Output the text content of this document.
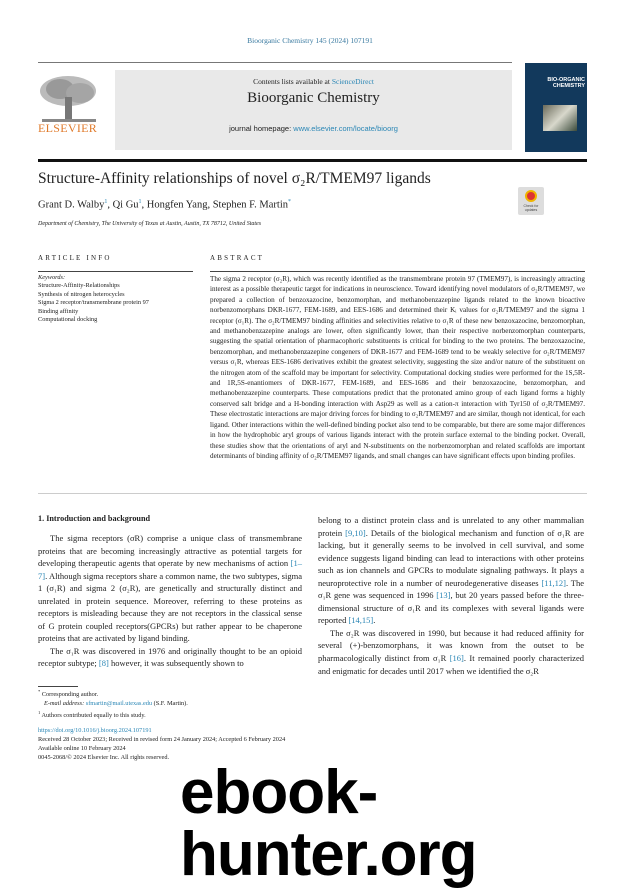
Bioorganic Chemistry 145 (2024) 107191
ELSEVIER
Contents lists available at ScienceDirect
Bioorganic Chemistry
journal homepage: www.elsevier.com/locate/bioorg
BIO-ORGANIC CHEMISTRY
Check for updates
Structure-Affinity relationships of novel σ₂R/TMEM97 ligands
Grant D. Walby$^1$, Qi Gu$^1$, Hongfen Yang, Stephen F. Martin*
Department of Chemistry, The University of Texas at Austin, Austin, TX 78712, United States
ARTICLE INFO
Keywords:
Structure-Affinity-Relationships
Synthesis of nitrogen heterocycles
Sigma 2 receptor/transmembrane protein 97
Binding affinity
Computational docking
ABSTRACT
The sigma 2 receptor (σ₂R), which was recently identified as the transmembrane protein 97 (TMEM97), is increasingly attracting interest as a possible therapeutic target for indications in neuroscience. Toward identifying novel modulators of σ₂R/TMEM97, we prepared a collection of benzoxazocine, benzomorphan, and methanobenzazepine ligands related to the known bioactive norbenzomorphans DKR-1677, FEM-1689, and EES-1686 and determined their Kᵢ values for σ₂R/TMEM97 and the sigma 1 receptor (σ₁R). The σ₂R/TMEM97 binding affinities and selectivities relative to σ₁R of these new benzoxazocine, benzomorphan, and methanobenzazepine analogs are lower, often significantly lower, than their respective norbenzomorphan counterparts, suggesting the spatial orientation of pharmacophoric substituents is critical for binding to the two proteins. The benzoxazocine, benzomorphan, and methanobenzazepine congeners of DKR-1677 and FEM-1689 tend to be weakly selective for σ₂R/TMEM97 versus σ₁R, whereas EES-1686 derivatives exhibit the greatest selectivity, suggesting the size and/or nature of the substituent on the nitrogen atom of the scaffold may be important for selectivity. Computational docking studies were performed for the 1S,5R-and 1R,5S-enantiomers of DKR-1677, FEM-1689, and EES-1686 and their benzoxazocine, benzomorphan, and methanobenzazepine counterparts. These computations predict that the protonated amino group of each ligand forms a highly conserved salt bridge and a H-bonding interaction with Asp29 as well as a cation-π interaction with Tyr150 of σ₂R/TMEM97. These electrostatic interactions are major driving forces for binding to σ₂R/TMEM97 and are similar, though not identical, for each ligand. Other interactions within the well-defined binding pocket also tend to be comparable, but there are some major differences in how the hydrophobic aryl groups of various ligands interact with the protein surface external to the binding pocket. Overall, these studies show that the orientations of aryl and N-substituents on the norbenzomorphan and related scaffolds are important determinants of binding affinity of σ₂R/TMEM97 ligands, and small changes can have significant effects upon binding profiles.
1. Introduction and background

The sigma receptors (σR) comprise a unique class of transmembrane proteins that are becoming increasingly attractive as potential targets for developing therapeutic agents that operate by new mechanisms of action [1–7]. Although sigma receptors share a common name, the two subtypes, sigma 1 (σ₁R) and sigma 2 (σ₂R), are genetically and structurally distinct and unrelated in protein sequence. Moreover, referring to these proteins as receptors is misleading because they are not receptors in the classical sense of G protein coupled receptors(GPCRs) but rather appear to be chaperone proteins that are activated by ligand binding.

The σ₁R was discovered in 1976 and originally thought to be an opioid receptor subtype; [8] however, it was subsequently shown to

belong to a distinct protein class and is unrelated to any other mammalian protein [9,10]. Details of the biological mechanism and function of σ₁R are lacking, but it generally seems to be involved in cell survival, and some evidence suggests ligand binding can lead to interactions with other proteins such as ion channels and GPCRs to modulate signaling pathways. It plays a neuroprotective role in a number of neurodegenerative diseases [11,12]. The σ₁R gene was sequenced in 1996 [13], but 20 years passed before the three-dimensional structure of σ₁R and its complexes with several ligands were reported [14,15].

The σ₂R was discovered in 1990, but because it had reduced affinity for several (+)-benzomorphans, it was known from the outset to be pharmacologically distinct from σ₁R [16]. It remained poorly characterized and enigmatic for decades until 2017 when we identified the σ₂R

* Corresponding author.
E-mail address: sfmartin@mail.utexas.edu (S.F. Martin).
$^1$ Authors contributed equally to this study.
https://doi.org/10.1016/j.bioorg.2024.107191
Received 28 October 2023; Received in revised form 24 January 2024; Accepted 6 February 2024
Available online 10 February 2024
0045-2068/© 2024 Elsevier Inc. All rights reserved.
ebook-hunter.org
